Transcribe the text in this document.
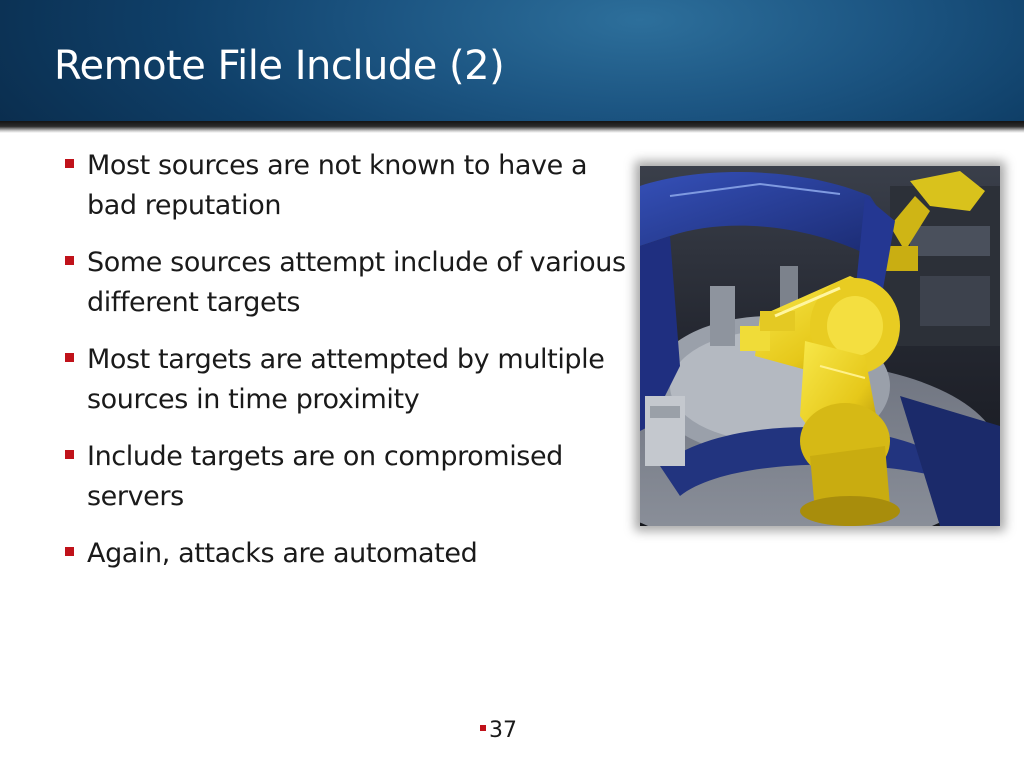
Remote File Include (2)
Most sources are not known to have a bad reputation
Some sources attempt include of various different targets
Most targets are attempted by multiple sources in time proximity
Include targets are on compromised servers
Again, attacks are automated
37
